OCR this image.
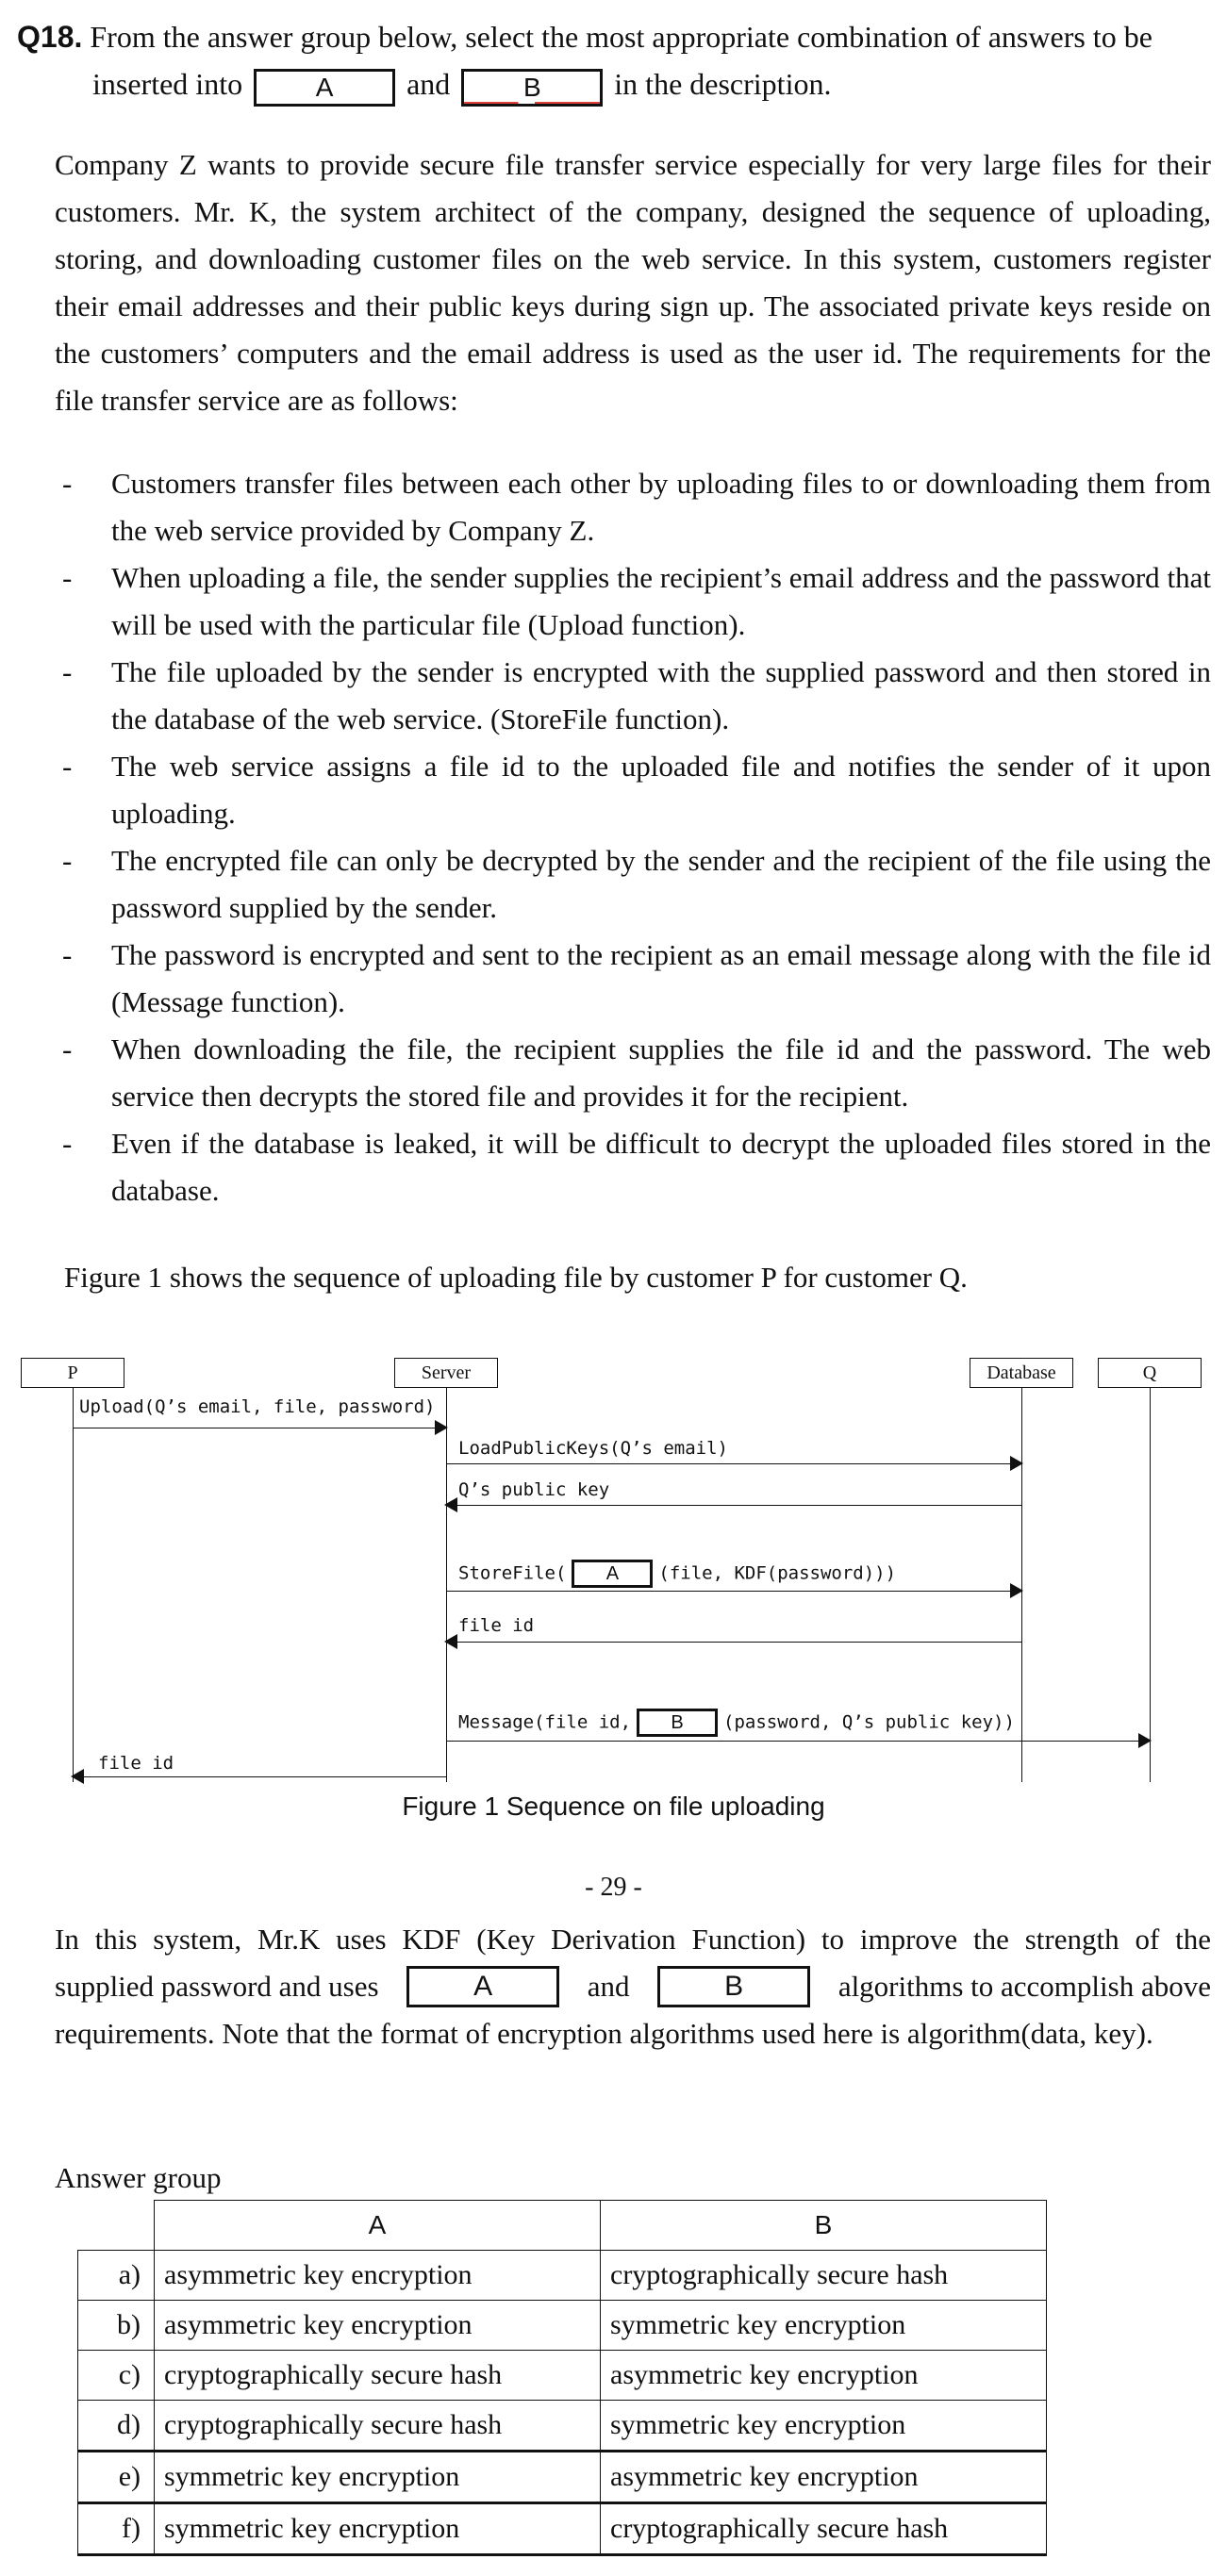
Q18. From the answer group below, select the most appropriate combination of answers to be
inserted into	A and	B in the description.

Company Z wants to provide secure file transfer service especially for very large files for their customers. Mr. K, the system architect of the company, designed the sequence of uploading, storing, and downloading customer files on the web service. In this system, customers register their email addresses and their public keys during sign up. The associated private keys reside on the customers’ computers and the email address is used as the user id. The requirements for the file transfer service are as follows:

- Customers transfer files between each other by uploading files to or downloading them from the web service provided by Company Z.
- When uploading a file, the sender supplies the recipient’s email address and the password that will be used with the particular file (Upload function).
- The file uploaded by the sender is encrypted with the supplied password and then stored in the database of the web service. (StoreFile function).
- The web service assigns a file id to the uploaded file and notifies the sender of it upon uploading.
- The encrypted file can only be decrypted by the sender and the recipient of the file using the password supplied by the sender.
- The password is encrypted and sent to the recipient as an email message along with the file id (Message function).
- When downloading the file, the recipient supplies the file id and the password. The web service then decrypts the stored file and provides it for the recipient.
- Even if the database is leaked, it will be difficult to decrypt the uploaded files stored in the database.
Figure 1 shows the sequence of uploading file by customer P for customer Q.
P	Server	Database	Q
Upload(Q’s email, file, password)
LoadPublicKeys(Q’s email)
Q’s public key
StoreFile( A (file, KDF(password)))
file id
Message(file id, B (password, Q’s public key))
file id
Figure 1 Sequence on file uploading
- 29 -
In this system, Mr.K uses KDF (Key Derivation Function) to improve the strength of the
supplied password and uses	A	and	B	algorithms to accomplish above
requirements. Note that the format of encryption algorithms used here is algorithm(data, key).
Answer group
	A	B
a)	asymmetric key encryption	cryptographically secure hash
b)	asymmetric key encryption	symmetric key encryption
c)	cryptographically secure hash	asymmetric key encryption
d)	cryptographically secure hash	symmetric key encryption
e)	symmetric key encryption	asymmetric key encryption
f)	symmetric key encryption	cryptographically secure hash
